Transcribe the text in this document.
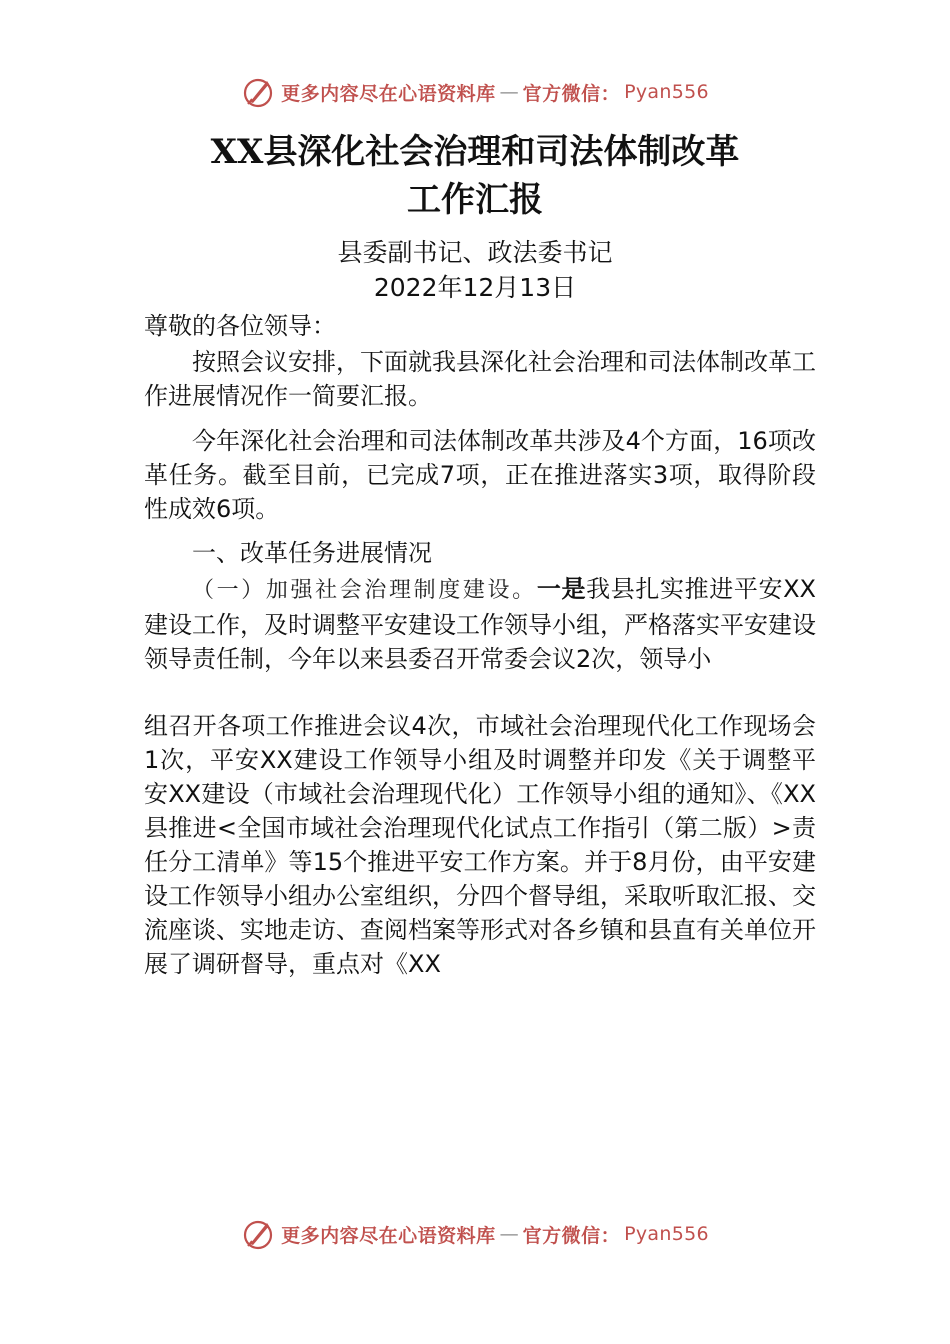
更多内容尽在心语资料库 — 官方微信： Pyan556
XX县深化社会治理和司法体制改革
工作汇报
县委副书记、政法委书记
2022年12月13日
尊敬的各位领导：
按照会议安排，下面就我县深化社会治理和司法体制改革工作进展情况作一简要汇报。
今年深化社会治理和司法体制改革共涉及4个方面，16项改革任务。截至目前，已完成7项，正在推进落实3项，取得阶段性成效6项。
一、改革任务进展情况
（一）加强社会治理制度建设。一是我县扎实推进平安XX建设工作，及时调整平安建设工作领导小组，严格落实平安建设领导责任制，今年以来县委召开常委会议2次，领导小
组召开各项工作推进会议4次，市域社会治理现代化工作现场会1次，平安XX建设工作领导小组及时调整并印发《关于调整平安XX建设（市域社会治理现代化）工作领导小组的通知》、《XX县推进<全国市域社会治理现代化试点工作指引（第二版）>责任分工清单》等15个推进平安工作方案。并于8月份，由平安建设工作领导小组办公室组织，分四个督导组，采取听取汇报、交流座谈、实地走访、查阅档案等形式对各乡镇和县直有关单位开展了调研督导，重点对《XX
更多内容尽在心语资料库 — 官方微信： Pyan556
